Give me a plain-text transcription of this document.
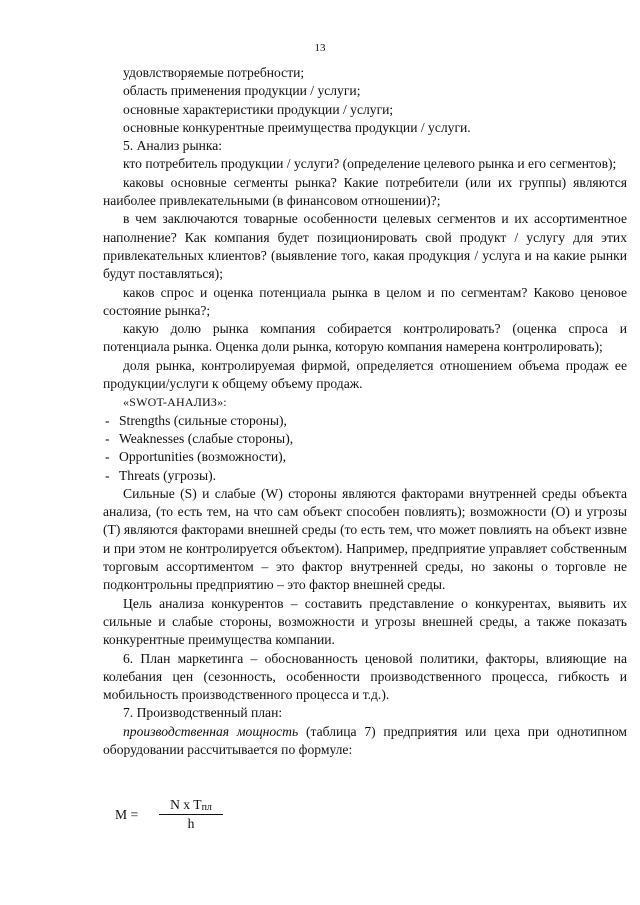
13

удовлстворяемые потребности;

область применения продукции / услуги;

основные характеристики продукции / услуги;

основные конкурентные преимущества продукции / услуги.

5. Анализ рынка:

кто потребитель продукции / услуги? (определение целевого рынка и его сегментов);

каковы основные сегменты рынка? Какие потребители (или их группы) являются наиболее привлекательными (в финансовом отношении)?;

в чем заключаются товарные особенности целевых сегментов и их ассортиментное наполнение? Как компания будет позиционировать свой продукт / услугу для этих привлекательных клиентов? (выявление того, какая продукция / услуга и на какие рынки будут поставляться);

каков спрос и оценка потенциала рынка в целом и по сегментам? Каково ценовое состояние рынка?;

какую долю рынка компания собирается контролировать? (оценка спроса и потенциала рынка. Оценка доли рынка, которую компания намерена контролировать);

доля рынка, контролируемая фирмой, определяется отношением объема продаж ее продукции/услуги к общему объему продаж.

«SWOT-АНАЛИЗ»:

- Strengths (сильные стороны),

- Weaknesses (слабые стороны),

- Opportunities (возможности),

- Threats (угрозы).

Сильные (S) и слабые (W) стороны являются факторами внутренней среды объекта анализа, (то есть тем, на что сам объект способен повлиять); возможности (O) и угрозы (T) являются факторами внешней среды (то есть тем, что может повлиять на объект извне и при этом не контролируется объектом). Например, предприятие управляет собственным торговым ассортиментом – это фактор внутренней среды, но законы о торговле не подконтрольны предприятию – это фактор внешней среды.

Цель анализа конкурентов – составить представление о конкурентах, выявить их сильные и слабые стороны, возможности и угрозы внешней среды, а также показать конкурентные преимущества компании.

6. План маркетинга – обоснованность ценовой политики, факторы, влияющие на колебания цен (сезонность, особенности производственного процесса, гибкость и мобильность производственного процесса и т.д.).

7. Производственный план:

производственная мощность (таблица 7) предприятия или цеха при однотипном оборудовании рассчитывается по формуле:

M =
N x $T_{пл}$
h
